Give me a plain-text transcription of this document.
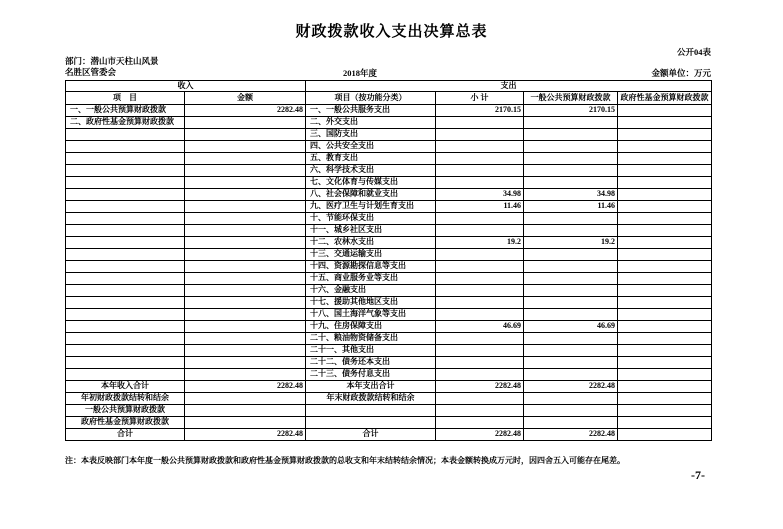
财政拨款收入支出决算总表
公开04表
部门：潜山市天柱山风景
名胜区管委会	2018年度	金额单位：万元
收入		支出			
项　目	金额	项目（按功能分类）	小 计	一般公共预算财政拨款	政府性基金预算财政拨款
一、一般公共预算财政拨款	2282.48	一、一般公共服务支出	2170.15	2170.15	
二、政府性基金预算财政拨款		二、外交支出			
		三、国防支出			
		四、公共安全支出			
		五、教育支出			
		六、科学技术支出			
		七、文化体育与传媒支出			
		八、社会保障和就业支出	34.98	34.98	
		九、医疗卫生与计划生育支出	11.46	11.46	
		十、节能环保支出			
		十一、城乡社区支出			
		十二、农林水支出	19.2	19.2	
		十三、交通运输支出			
		十四、资源勘探信息等支出			
		十五、商业服务业等支出			
		十六、金融支出			
		十七、援助其他地区支出			
		十八、国土海洋气象等支出			
		十九、住房保障支出	46.69	46.69	
		二十、粮油物资储备支出			
		二十一、其他支出			
		二十二、债务还本支出			
		二十三、债务付息支出			
本年收入合计	2282.48	本年支出合计	2282.48	2282.48	
年初财政拨款结转和结余		年末财政拨款结转和结余			
一般公共预算财政拨款					
政府性基金预算财政拨款					
合计	2282.48	合计	2282.48	2282.48	
注：本表反映部门本年度一般公共预算财政拨款和政府性基金预算财政拨款的总收支和年末结转结余情况；本表金额转换成万元时，因四舍五入可能存在尾差。
-7-
